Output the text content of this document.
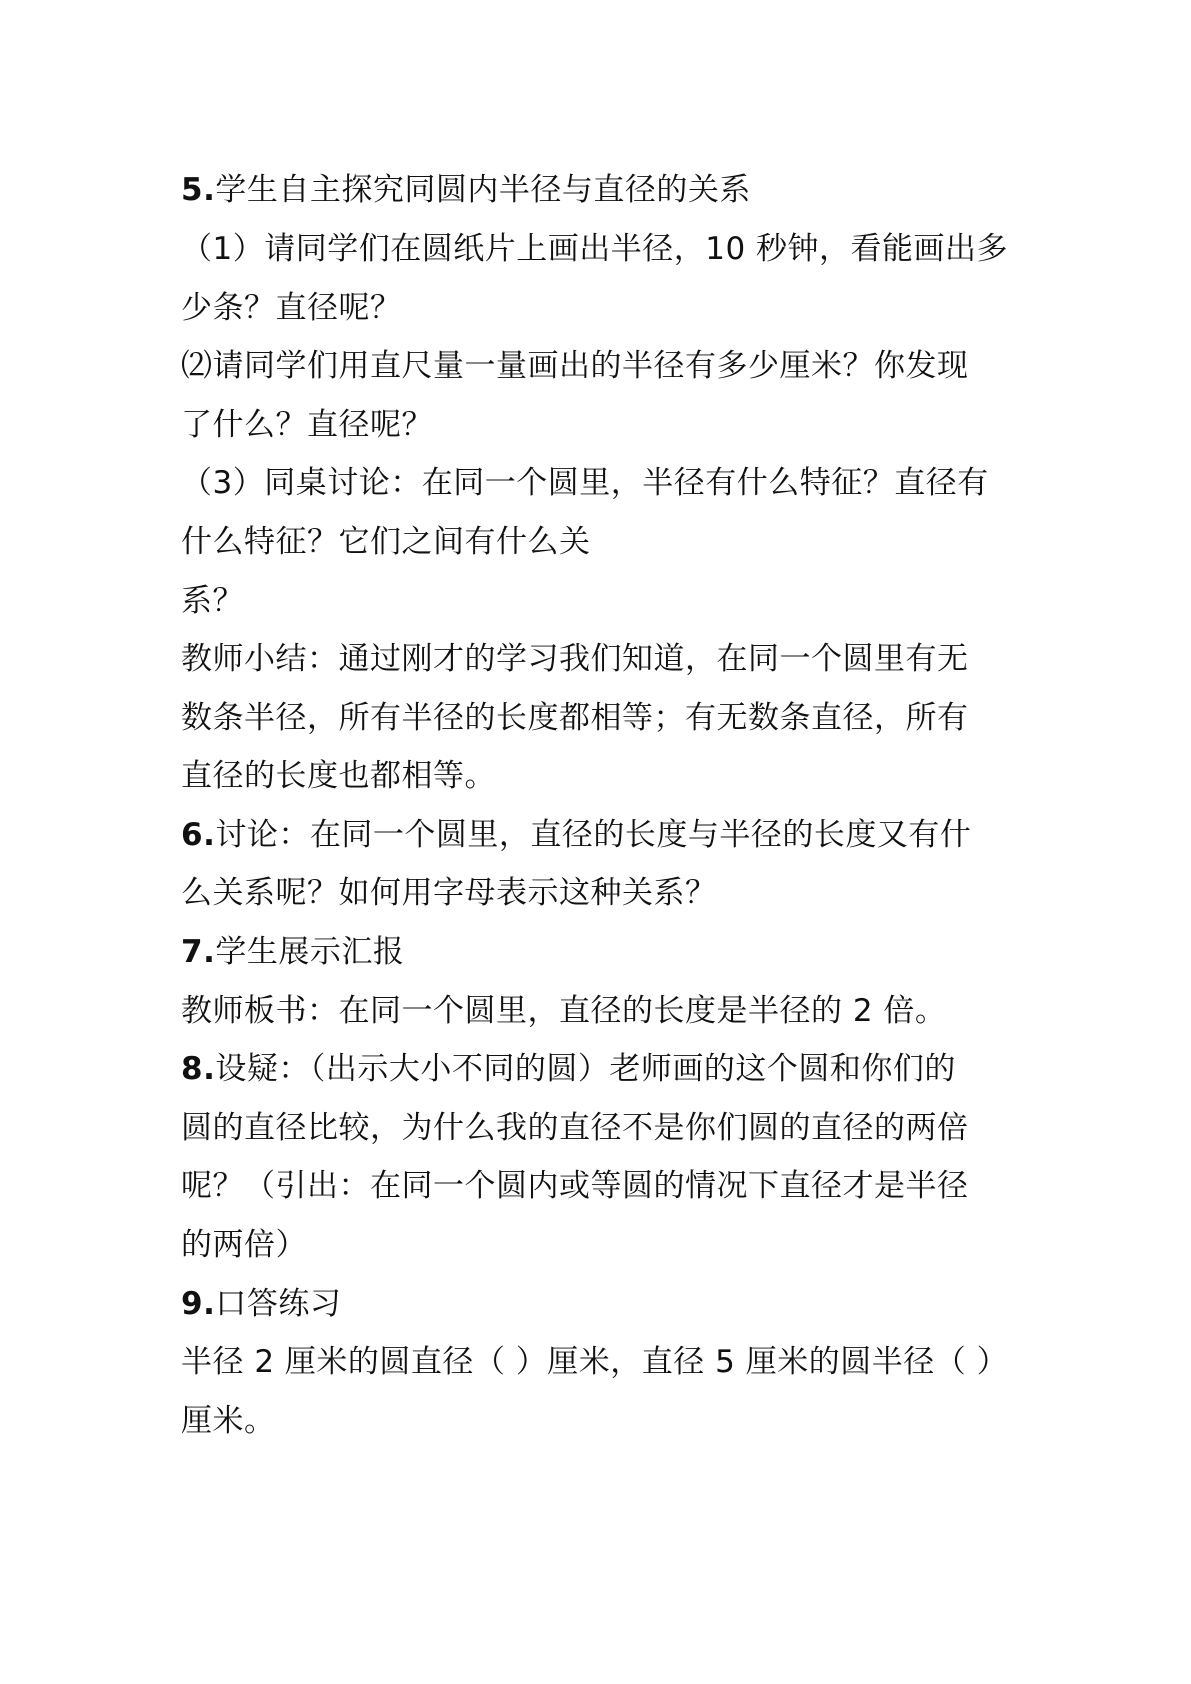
5.学生自主探究同圆内半径与直径的关系
（1）请同学们在圆纸片上画出半径，10 秒钟，看能画出多
少条？直径呢？
⑵请同学们用直尺量一量画出的半径有多少厘米？你发现
了什么？直径呢？
（3）同桌讨论：在同一个圆里，半径有什么特征？直径有
什么特征？它们之间有什么关
系？
教师小结：通过刚才的学习我们知道，在同一个圆里有无
数条半径，所有半径的长度都相等；有无数条直径，所有
直径的长度也都相等。
6.讨论：在同一个圆里，直径的长度与半径的长度又有什
么关系呢？如何用字母表示这种关系？
7.学生展示汇报
教师板书：在同一个圆里，直径的长度是半径的 2 倍。
8.设疑：（出示大小不同的圆）老师画的这个圆和你们的
圆的直径比较，为什么我的直径不是你们圆的直径的两倍
呢？（引出：在同一个圆内或等圆的情况下直径才是半径
的两倍）
9.口答练习
半径 2 厘米的圆直径（ ）厘米，直径 5 厘米的圆半径（ ）
厘米。
